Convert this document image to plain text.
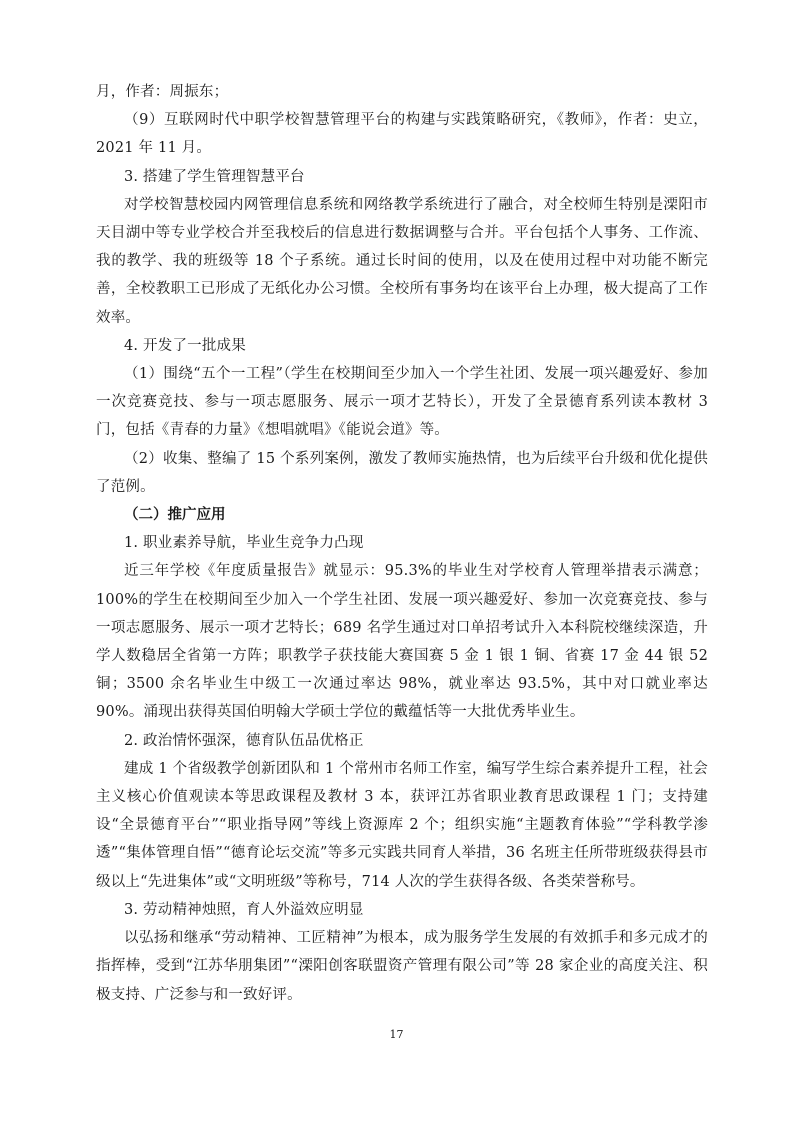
月，作者：周振东；

（9）互联网时代中职学校智慧管理平台的构建与实践策略研究，《教师》，作者：史立，2021 年 11 月。

3. 搭建了学生管理智慧平台

对学校智慧校园内网管理信息系统和网络教学系统进行了融合，对全校师生特别是溧阳市天目湖中等专业学校合并至我校后的信息进行数据调整与合并。平台包括个人事务、工作流、我的教学、我的班级等 18 个子系统。通过长时间的使用，以及在使用过程中对功能不断完善，全校教职工已形成了无纸化办公习惯。全校所有事务均在该平台上办理，极大提高了工作效率。

4. 开发了一批成果

（1）围绕“五个一工程”（学生在校期间至少加入一个学生社团、发展一项兴趣爱好、参加一次竞赛竞技、参与一项志愿服务、展示一项才艺特长），开发了全景德育系列读本教材 3 门，包括《青春的力量》《想唱就唱》《能说会道》等。

（2）收集、整编了 15 个系列案例，激发了教师实施热情，也为后续平台升级和优化提供了范例。

（二）推广应用

1. 职业素养导航，毕业生竞争力凸现

近三年学校《年度质量报告》就显示：95.3%的毕业生对学校育人管理举措表示满意；100%的学生在校期间至少加入一个学生社团、发展一项兴趣爱好、参加一次竞赛竞技、参与一项志愿服务、展示一项才艺特长；689 名学生通过对口单招考试升入本科院校继续深造，升学人数稳居全省第一方阵；职教学子获技能大赛国赛 5 金 1 银 1 铜、省赛 17 金 44 银 52 铜；3500 余名毕业生中级工一次通过率达 98%，就业率达 93.5%，其中对口就业率达 90%。涌现出获得英国伯明翰大学硕士学位的戴蕴恬等一大批优秀毕业生。

2. 政治情怀强深，德育队伍品优格正

建成 1 个省级教学创新团队和 1 个常州市名师工作室，编写学生综合素养提升工程，社会主义核心价值观读本等思政课程及教材 3 本，获评江苏省职业教育思政课程 1 门；支持建设“全景德育平台”“职业指导网”等线上资源库 2 个；组织实施“主题教育体验”“学科教学渗透”“集体管理自悟”“德育论坛交流”等多元实践共同育人举措，36 名班主任所带班级获得县市级以上“先进集体”或“文明班级”等称号，714 人次的学生获得各级、各类荣誉称号。

3. 劳动精神烛照，育人外溢效应明显

以弘扬和继承“劳动精神、工匠精神”为根本，成为服务学生发展的有效抓手和多元成才的指挥棒，受到“江苏华朋集团”“溧阳创客联盟资产管理有限公司”等 28 家企业的高度关注、积极支持、广泛参与和一致好评。

17
